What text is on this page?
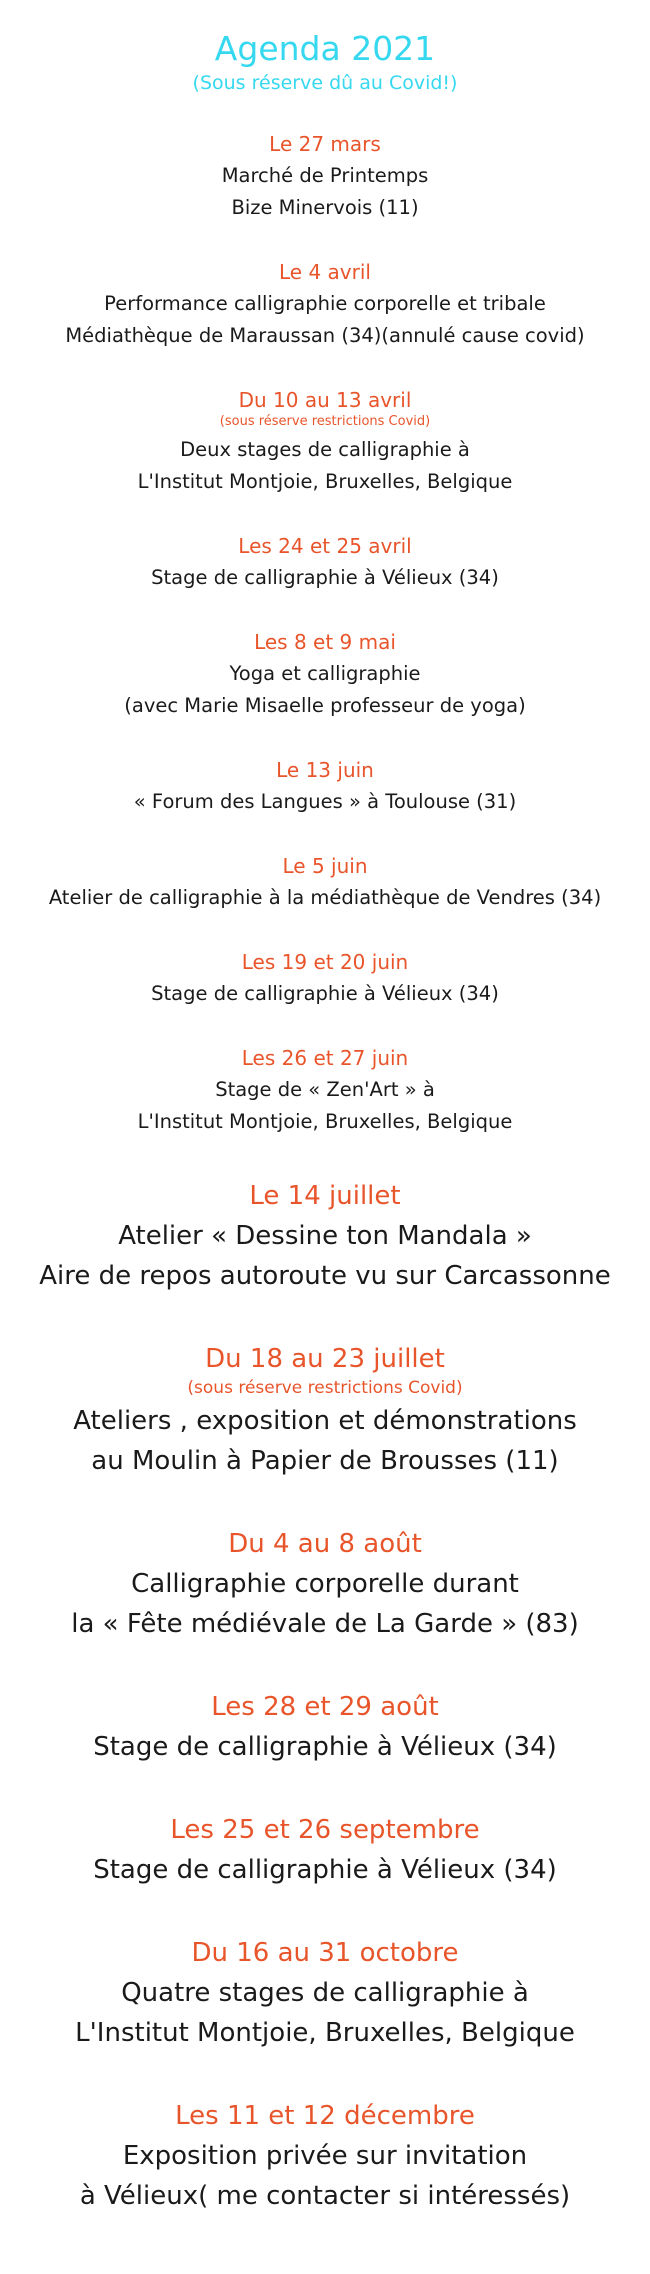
Agenda 2021
(Sous réserve dû au Covid!)
Le 27 mars
Marché de Printemps
Bize Minervois (11)
Le 4 avril
Performance calligraphie corporelle et tribale
Médiathèque de Maraussan (34)(annulé cause covid)
Du 10 au 13 avril
(sous réserve restrictions Covid)
Deux stages de calligraphie à
L'Institut Montjoie, Bruxelles, Belgique
Les 24 et 25 avril
Stage de calligraphie à Vélieux (34)
Les 8 et 9 mai
Yoga et calligraphie
(avec Marie Misaelle professeur de yoga)
Le 13 juin
« Forum des Langues » à Toulouse (31)
Le 5 juin
Atelier de calligraphie à la médiathèque de Vendres (34)
Les 19 et 20 juin
Stage de calligraphie à Vélieux (34)
Les 26 et 27 juin
Stage de « Zen'Art » à
L'Institut Montjoie, Bruxelles, Belgique
Le 14 juillet
Atelier « Dessine ton Mandala »
Aire de repos autoroute vu sur Carcassonne
Du 18 au 23 juillet
(sous réserve restrictions Covid)
Ateliers , exposition et démonstrations
au Moulin à Papier de Brousses (11)
Du 4 au 8 août
Calligraphie corporelle durant
la « Fête médiévale de La Garde » (83)
Les 28 et 29 août
Stage de calligraphie à Vélieux (34)
Les 25 et 26 septembre
Stage de calligraphie à Vélieux (34)
Du 16 au 31 octobre
Quatre stages de calligraphie à
L'Institut Montjoie, Bruxelles, Belgique
Les 11 et 12 décembre
Exposition privée sur invitation
à Vélieux( me contacter si intéressés)
